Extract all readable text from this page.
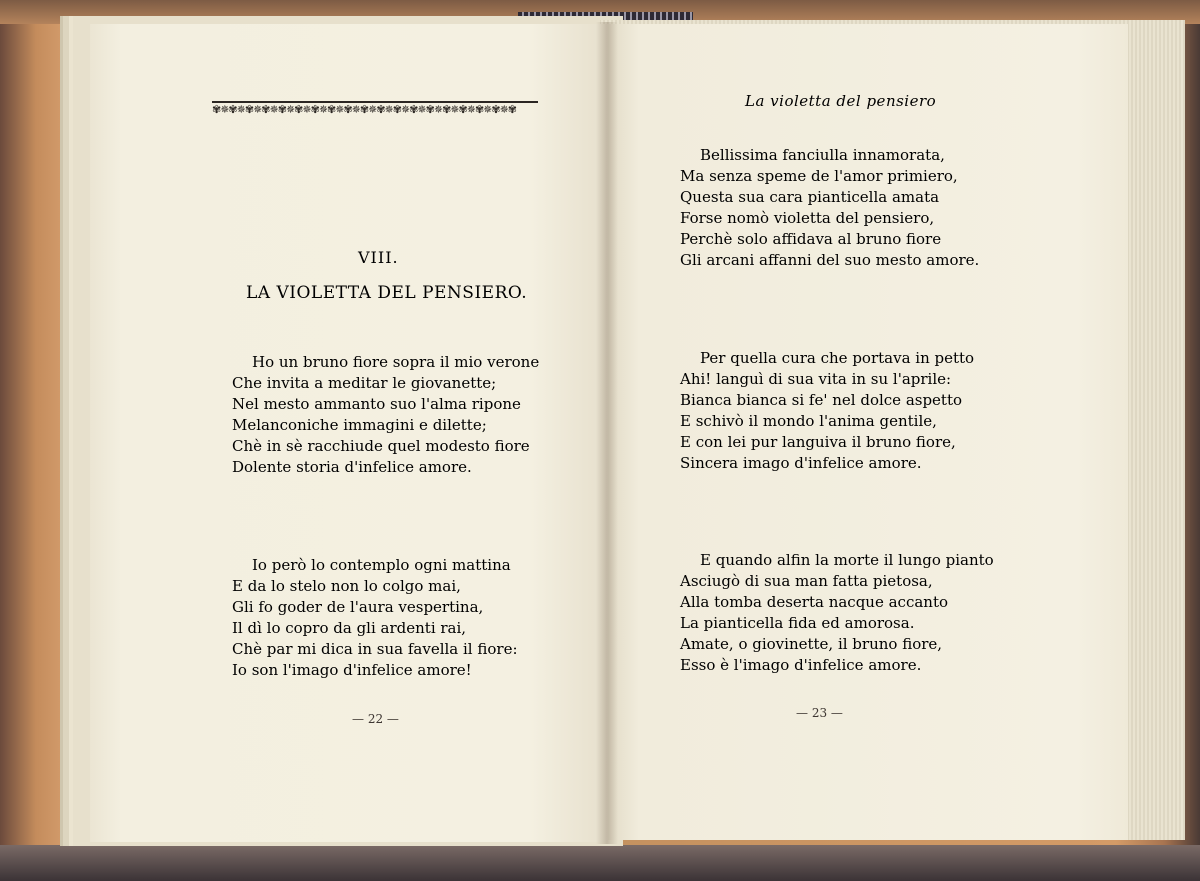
✾✵✾✵✾✵✾✵✾✵✾✵✾✵✾✵✾✵✾✵✾✵✾✵✾✵✾✵✾✵✾✵✾✵✾✵✾
VIII.
LA VIOLETTA DEL PENSIERO.
Ho un bruno fiore sopra il mio verone
Che invita a meditar le giovanette;
Nel mesto ammanto suo l'alma ripone
Melanconiche immagini e dilette;
Chè in sè racchiude quel modesto fiore
Dolente storia d'infelice amore.
Io però lo contemplo ogni mattina
E da lo stelo non lo colgo mai,
Gli fo goder de l'aura vespertina,
Il dì lo copro da gli ardenti rai,
Chè par mi dica in sua favella il fiore:
Io son l'imago d'infelice amore!
— 22 —
La violetta del pensiero
Bellissima fanciulla innamorata,
Ma senza speme de l'amor primiero,
Questa sua cara pianticella amata
Forse nomò violetta del pensiero,
Perchè solo affidava al bruno fiore
Gli arcani affanni del suo mesto amore.
Per quella cura che portava in petto
Ahi! languì di sua vita in su l'aprile:
Bianca bianca si fe' nel dolce aspetto
E schivò il mondo l'anima gentile,
E con lei pur languiva il bruno fiore,
Sincera imago d'infelice amore.
E quando alfin la morte il lungo pianto
Asciugò di sua man fatta pietosa,
Alla tomba deserta nacque accanto
La pianticella fida ed amorosa.
Amate, o giovinette, il bruno fiore,
Esso è l'imago d'infelice amore.
— 23 —
